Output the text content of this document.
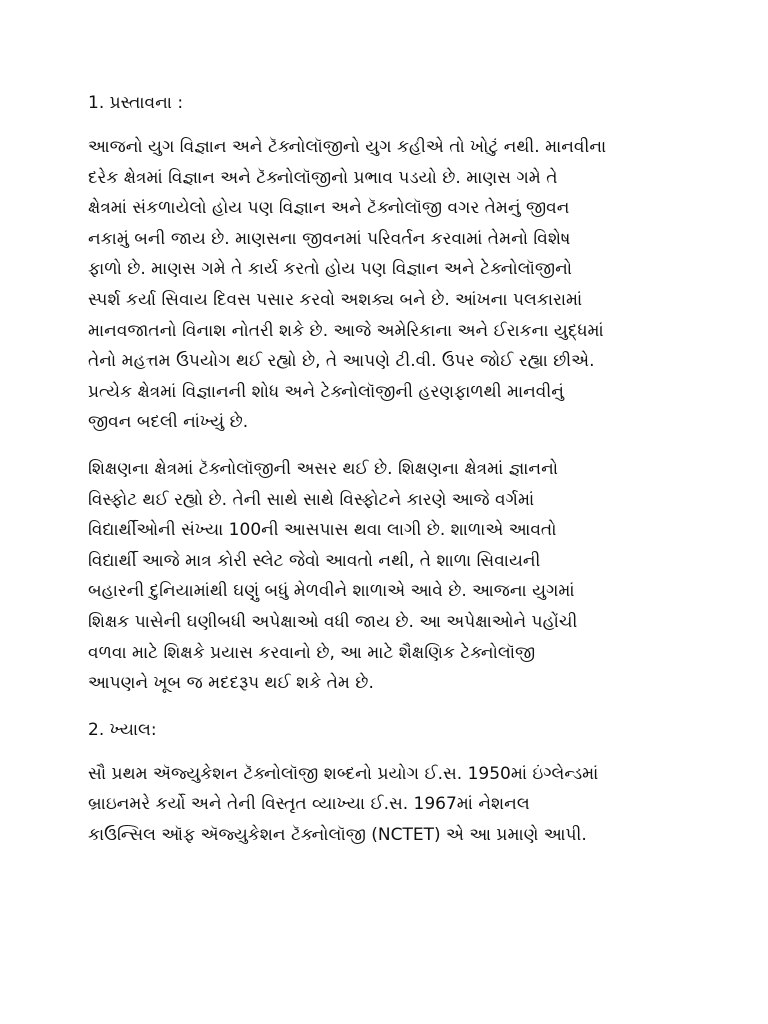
1. પ્રસ્તાવના :
આજનો યુગ વિજ્ઞાન અને ટૅક્નોલૉજીનો યુગ કહીએ તો ખોટું નથી. માનવીના
દરેક ક્ષેત્રમાં વિજ્ઞાન અને ટૅક્નોલૉજીનો પ્રભાવ પડયો છે. માણસ ગમે તે
ક્ષેત્રમાં સંકળાયેલો હોય પણ વિજ્ઞાન અને ટૅક્નોલૉજી વગર તેમનું જીવન
નકામું બની જાય છે. માણસના જીવનમાં પરિવર્તન કરવામાં તેમનો વિશેષ
ફાળો છે. માણસ ગમે તે કાર્ય કરતો હોય પણ વિજ્ઞાન અને ટેક્નોલૉજીનો
સ્પર્શ કર્યા સિવાય દિવસ પસાર કરવો અશક્ય બને છે. આંખના પલકારામાં
માનવજાતનો વિનાશ નોતરી શકે છે. આજે અમેરિકાના અને ઈરાકના યુદ્ધમાં
તેનો મહત્તમ ઉપયોગ થઈ રહ્યો છે, તે આપણે ટી.વી. ઉપર જોઈ રહ્યા છીએ.
પ્રત્યેક ક્ષેત્રમાં વિજ્ઞાનની શોધ અને ટેક્નોલૉજીની હરણફાળથી માનવીનું
જીવન બદલી નાંખ્યું છે.
શિક્ષણના ક્ષેત્રમાં ટૅક્નોલૉજીની અસર થઈ છે. શિક્ષણના ક્ષેત્રમાં જ્ઞાનનો
વિસ્ફોટ થઈ રહ્યો છે. તેની સાથે સાથે વિસ્ફોટને કારણે આજે વર્ગમાં
વિદ્યાર્થીઓની સંખ્યા 100ની આસપાસ થવા લાગી છે. શાળાએ આવતો
વિદ્યાર્થી આજે માત્ર કોરી સ્લેટ જેવો આવતો નથી, તે શાળા સિવાયની
બહારની દુનિયામાંથી ઘણું બધું મેળવીને શાળાએ આવે છે. આજના યુગમાં
શિક્ષક પાસેની ઘણીબધી અપેક્ષાઓ વધી જાય છે. આ અપેક્ષાઓને પહોંચી
વળવા માટે શિક્ષકે પ્રયાસ કરવાનો છે, આ માટે શૈક્ષણિક ટેક્નોલૉજી
આપણને ખૂબ જ મદદરૂપ થઈ શકે તેમ છે.
2. ખ્યાલ:
સૌ પ્રથમ ઍજ્યુકેશન ટૅક્નોલૉજી શબ્દનો પ્રયોગ ઈ.સ. 1950માં ઇંગ્લેન્ડમાં
બ્રાઇનમરે કર્યો અને તેની વિસ્તૃત વ્યાખ્યા ઈ.સ. 1967માં નેશનલ
કાઉન્સિલ ઑફ ઍજ્યુકેશન ટૅક્નોલૉજી (NCTET) એ આ પ્રમાણે આપી.
